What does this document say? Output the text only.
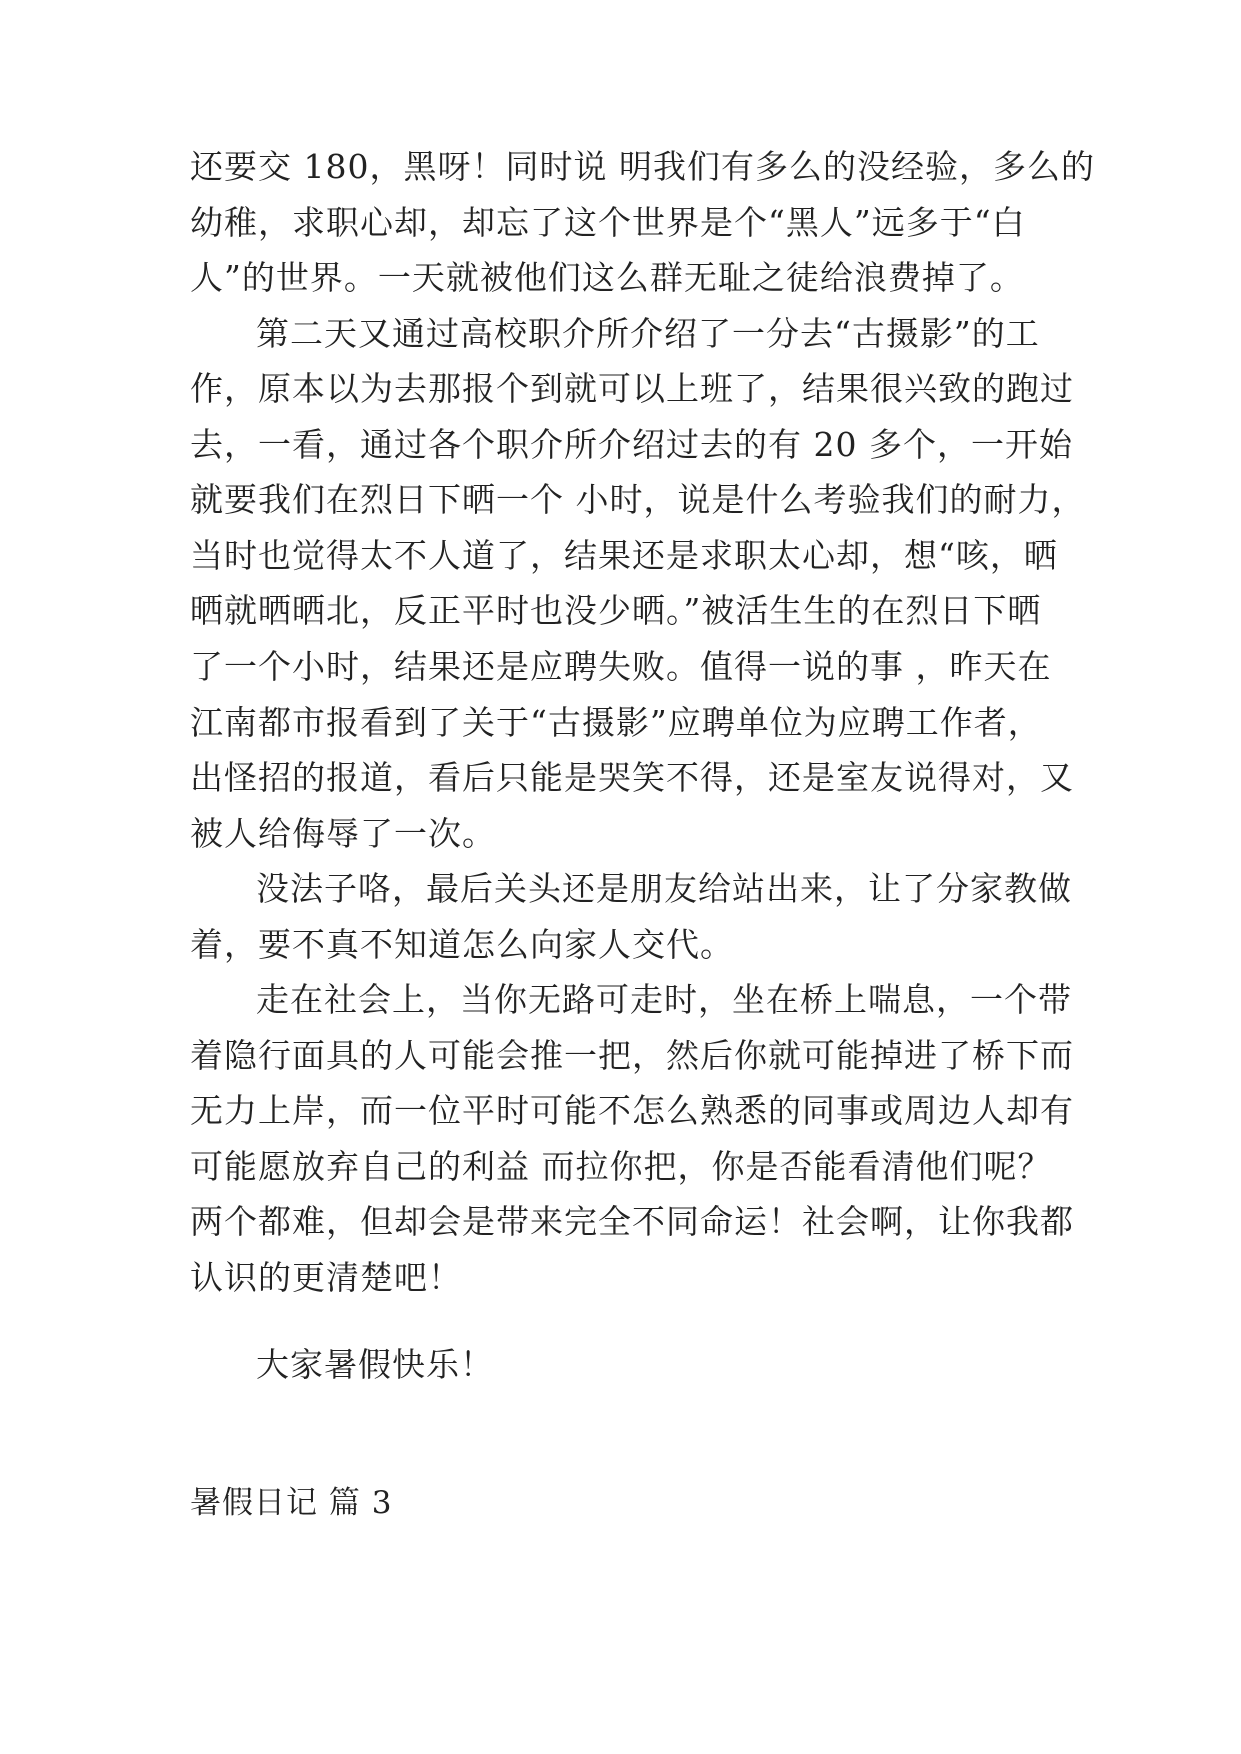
还要交 180，黑呀！同时说 明我们有多么的没经验，多么的
幼稚，求职心却，却忘了这个世界是个“黑人”远多于“白
人”的世界。一天就被他们这么群无耻之徒给浪费掉了。
第二天又通过高校职介所介绍了一分去“古摄影”的工
作，原本以为去那报个到就可以上班了，结果很兴致的跑过
去，一看，通过各个职介所介绍过去的有 20 多个，一开始
就要我们在烈日下晒一个 小时，说是什么考验我们的耐力，
当时也觉得太不人道了，结果还是求职太心却，想“咳，晒
晒就晒晒北，反正平时也没少晒。”被活生生的在烈日下晒
了一个小时，结果还是应聘失败。值得一说的事 ，昨天在
江南都市报看到了关于“古摄影”应聘单位为应聘工作者，
出怪招的报道，看后只能是哭笑不得，还是室友说得对，又
被人给侮辱了一次。
没法子咯，最后关头还是朋友给站出来，让了分家教做
着，要不真不知道怎么向家人交代。
走在社会上，当你无路可走时，坐在桥上喘息，一个带
着隐行面具的人可能会推一把，然后你就可能掉进了桥下而
无力上岸，而一位平时可能不怎么熟悉的同事或周边人却有
可能愿放弃自己的利益 而拉你把，你是否能看清他们呢？
两个都难，但却会是带来完全不同命运！社会啊，让你我都
认识的更清楚吧！
大家暑假快乐！
暑假日记 篇 3
